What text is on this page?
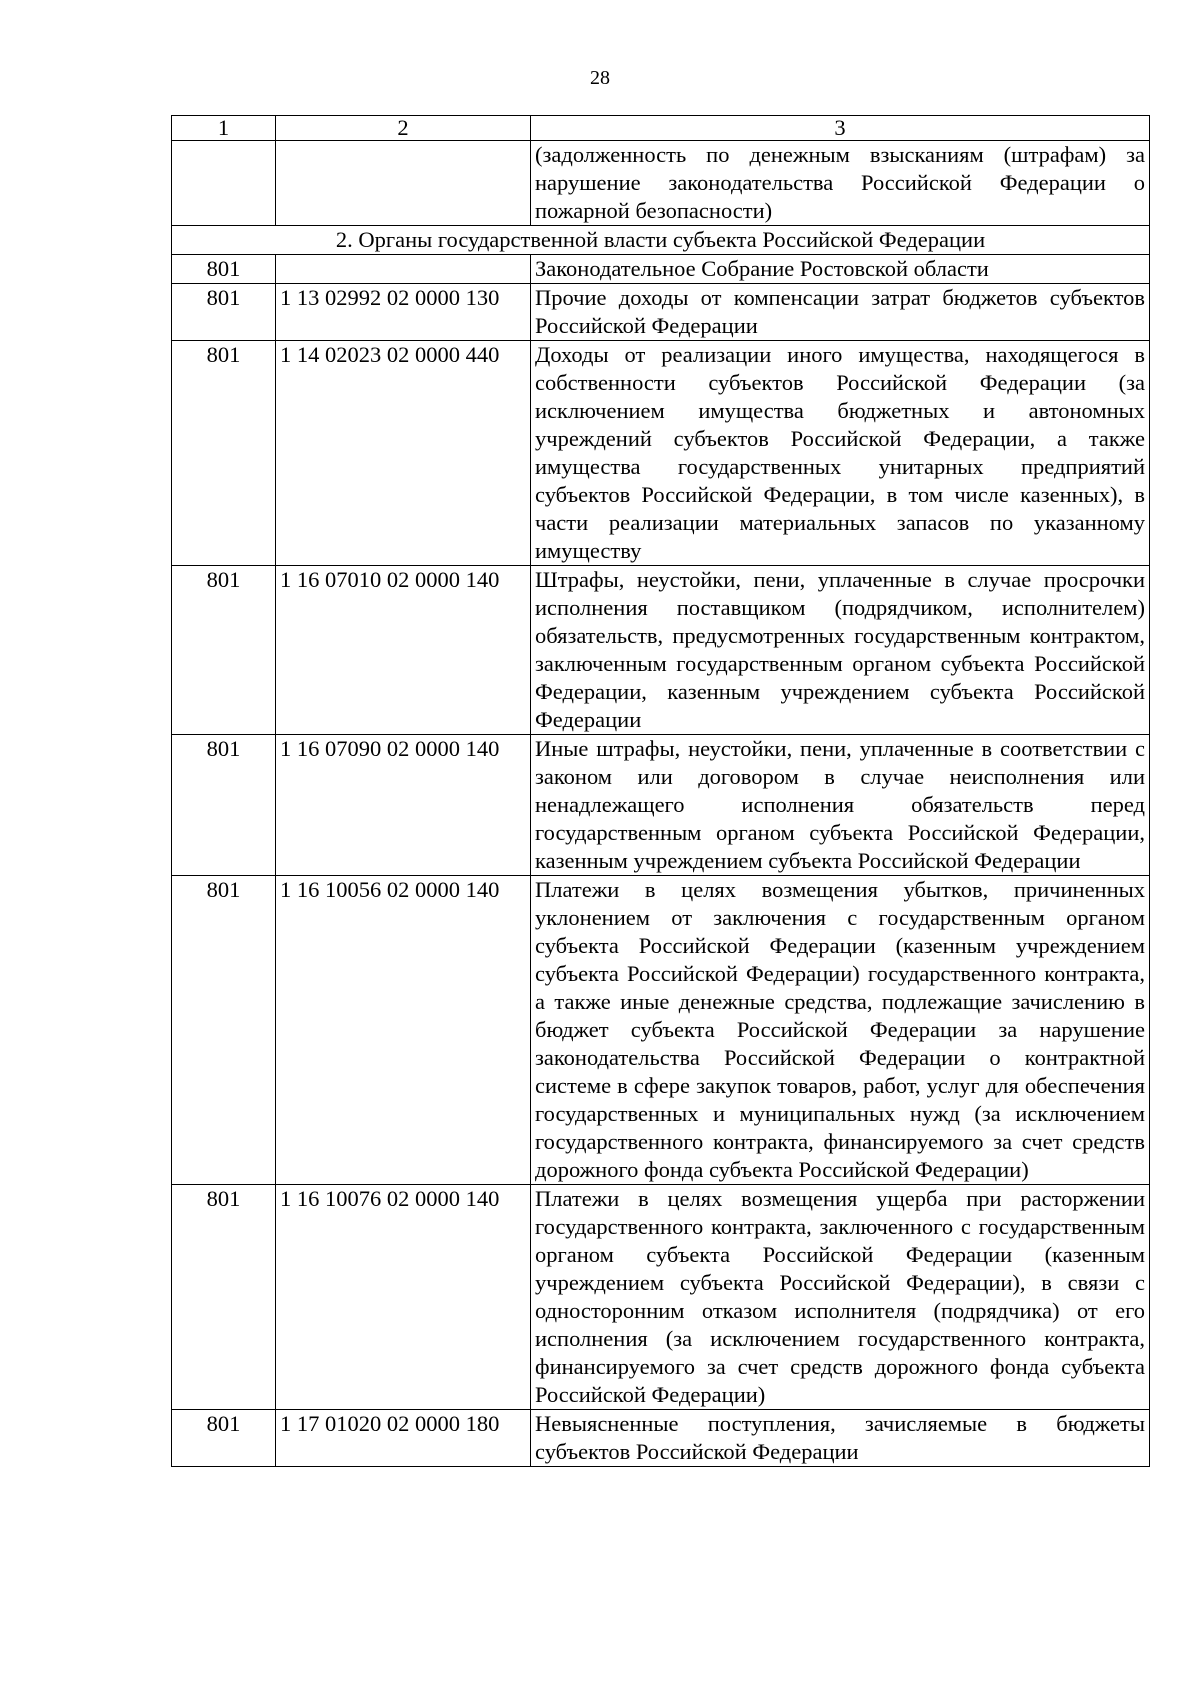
28
1	2	3
		(задолженность по денежным взысканиям (штрафам) за нарушение законодательства Российской Федерации о пожарной безопасности)
2. Органы государственной власти субъекта Российской Федерации		
801		Законодательное Собрание Ростовской области
801	1 13 02992 02 0000 130	Прочие доходы от компенсации затрат бюджетов субъектов Российской Федерации
801	1 14 02023 02 0000 440	Доходы от реализации иного имущества, находящегося в собственности субъектов Российской Федерации (за исключением имущества бюджетных и автономных учреждений субъектов Российской Федерации, а также имущества государственных унитарных предприятий субъектов Российской Федерации, в том числе казенных), в части реализации материальных запасов по указанному имуществу
801	1 16 07010 02 0000 140	Штрафы, неустойки, пени, уплаченные в случае просрочки исполнения поставщиком (подрядчиком, исполнителем) обязательств, предусмотренных государственным контрактом, заключенным государственным органом субъекта Российской Федерации, казенным учреждением субъекта Российской Федерации
801	1 16 07090 02 0000 140	Иные штрафы, неустойки, пени, уплаченные в соответствии с законом или договором в случае неисполнения или ненадлежащего исполнения обязательств перед государственным органом субъекта Российской Федерации, казенным учреждением субъекта Российской Федерации
801	1 16 10056 02 0000 140	Платежи в целях возмещения убытков, причиненных уклонением от заключения с государственным органом субъекта Российской Федерации (казенным учреждением субъекта Российской Федерации) государственного контракта, а также иные денежные средства, подлежащие зачислению в бюджет субъекта Российской Федерации за нарушение законодательства Российской Федерации о контрактной системе в сфере закупок товаров, работ, услуг для обеспечения государственных и муниципальных нужд (за исключением государственного контракта, финансируемого за счет средств дорожного фонда субъекта Российской Федерации)
801	1 16 10076 02 0000 140	Платежи в целях возмещения ущерба при расторжении государственного контракта, заключенного с государственным органом субъекта Российской Федерации (казенным учреждением субъекта Российской Федерации), в связи с односторонним отказом исполнителя (подрядчика) от его исполнения (за исключением государственного контракта, финансируемого за счет средств дорожного фонда субъекта Российской Федерации)
801	1 17 01020 02 0000 180	Невыясненные поступления, зачисляемые в бюджеты субъектов Российской Федерации
